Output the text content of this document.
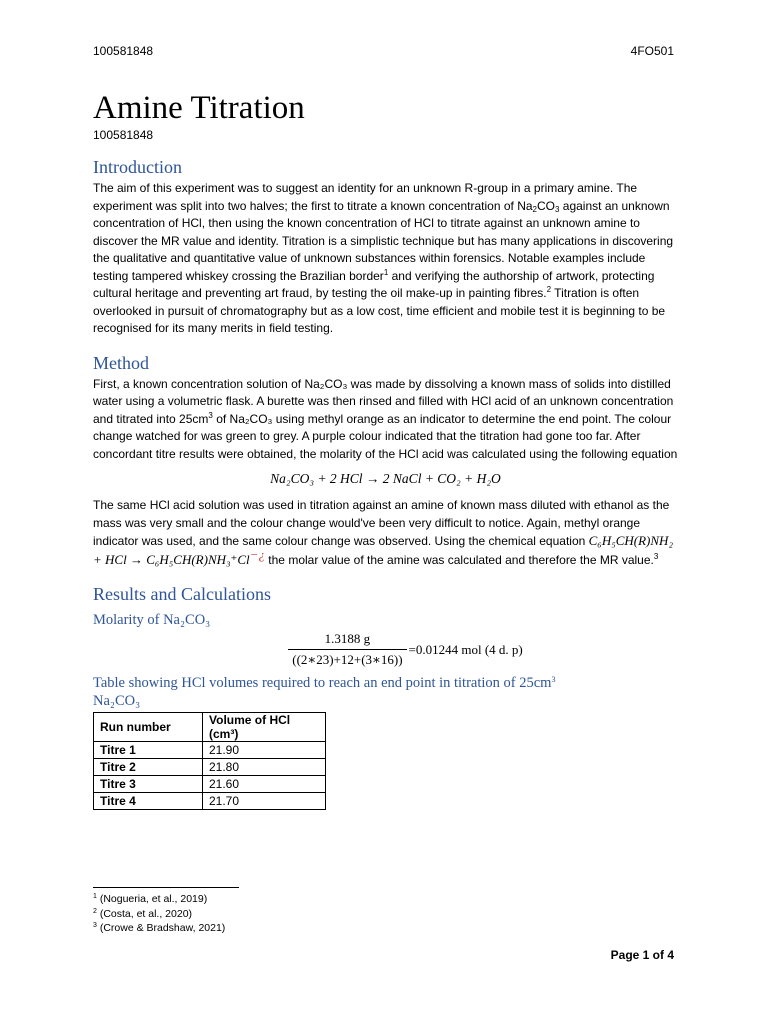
100581848	4FO501
Amine Titration
100581848
Introduction

The aim of this experiment was to suggest an identity for an unknown R-group in a primary amine. The experiment was split into two halves; the first to titrate a known concentration of $Na_2CO_3$ against an unknown concentration of HCl, then using the known concentration of HCl to titrate against an unknown amine to discover the MR value and identity. Titration is a simplistic technique but has many applications in discovering the qualitative and quantitative value of unknown substances within forensics. Notable examples include testing tampered whiskey crossing the Brazilian border$^1$ and verifying the authorship of artwork, protecting cultural heritage and preventing art fraud, by testing the oil make-up in painting fibres.$^2$ Titration is often overlooked in pursuit of chromatography but as a low cost, time efficient and mobile test it is beginning to be recognised for its many merits in field testing.

Method

First, a known concentration solution of Na₂CO₃ was made by dissolving a known mass of solids into distilled water using a volumetric flask. A burette was then rinsed and filled with HCl acid of an unknown concentration and titrated into $25cm^3$ of Na₂CO₃ using methyl orange as an indicator to determine the end point. The colour change watched for was green to grey. A purple colour indicated that the titration had gone too far. After concordant titre results were obtained, the molarity of the HCl acid was calculated using the following equation

Na₂CO₃ + 2 HCl → 2 NaCl + CO₂ + H₂O

The same HCl acid solution was used in titration against an amine of known mass diluted with ethanol as the mass was very small and the colour change would've been very difficult to notice. Again, methyl orange indicator was used, and the same colour change was observed. Using the chemical equation C₆H₅CH(R)NH₂ + HCl → C₆H₅CH(R)NH₃⁺Cl−¿ the molar value of the amine was calculated and therefore the MR value.$^3$

Results and Calculations
Molarity of Na₂CO₃
$\frac{1.3188 g}{((2∗23)+12+(3∗16))} =0.01244$ mol (4 d. p)
Table showing HCl volumes required to reach an end point in titration of $25cm^3$
Na₂CO₃
Run number	Volume of HCl (cm³)
Titre 1	21.90
Titre 2	21.80
Titre 3	21.60
Titre 4	21.70
$^1$ (Nogueria, et al., 2019)
$^2$ (Costa, et al., 2020)
$^3$ (Crowe & Bradshaw, 2021)
Page 1 of 4
